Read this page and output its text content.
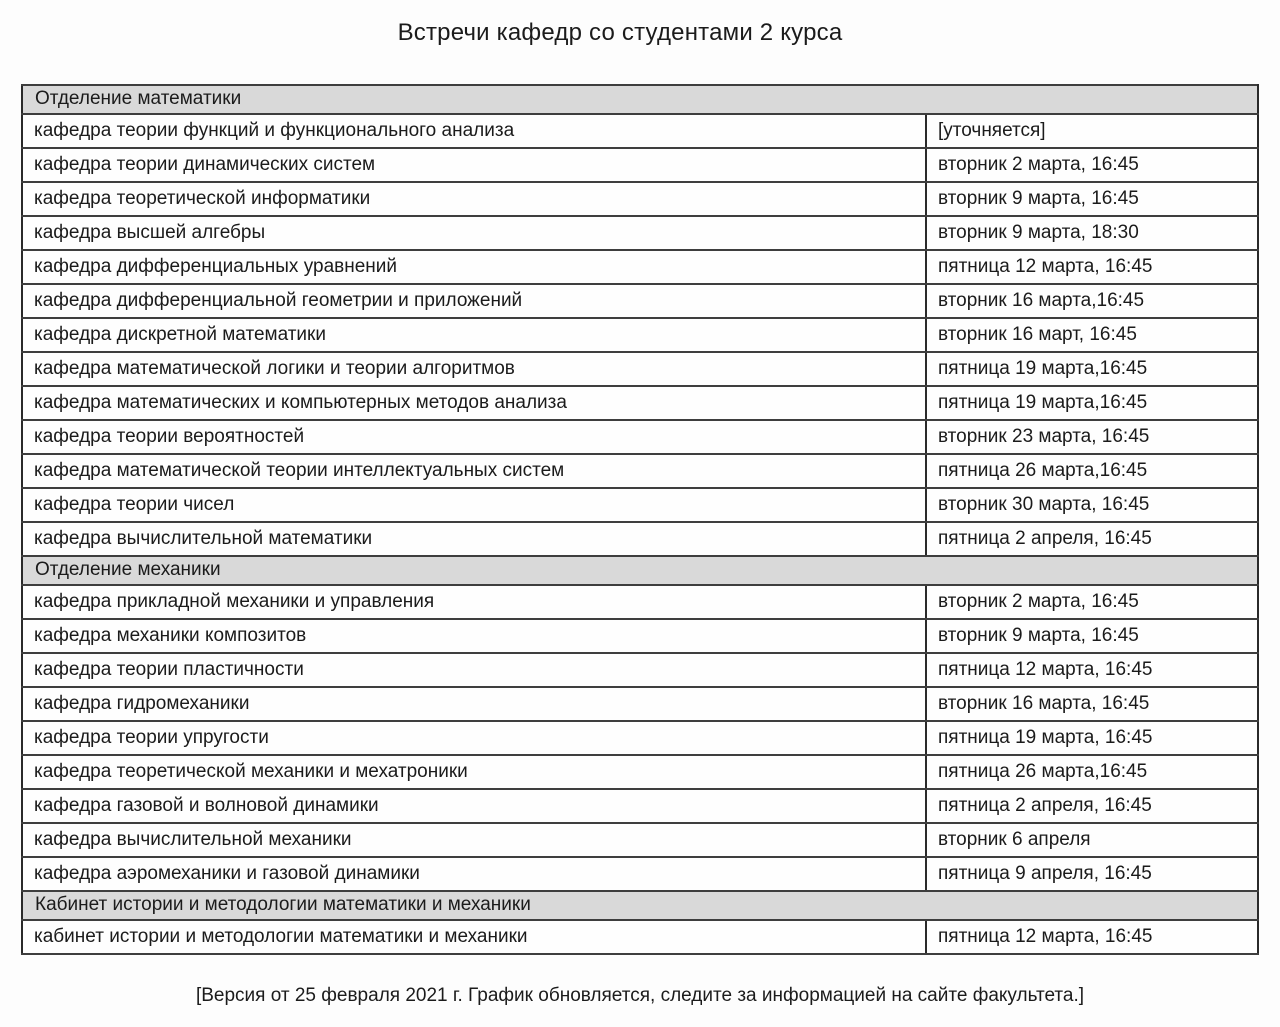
Встречи кафедр со студентами 2 курса
Отделение математики	
кафедра теории функций и функционального анализа	[уточняется]
кафедра теории динамических систем	вторник 2 марта, 16:45
кафедра теоретической информатики	вторник 9 марта, 16:45
кафедра высшей алгебры	вторник 9 марта, 18:30
кафедра дифференциальных уравнений	пятница 12 марта, 16:45
кафедра дифференциальной геометрии и приложений	вторник 16 марта,16:45
кафедра дискретной математики	вторник 16 март, 16:45
кафедра математической логики и теории алгоритмов	пятница 19 марта,16:45
кафедра математических и компьютерных методов анализа	пятница 19 марта,16:45
кафедра теории вероятностей	вторник 23 марта, 16:45
кафедра математической теории интеллектуальных систем	пятница 26 марта,16:45
кафедра теории чисел	вторник 30 марта, 16:45
кафедра вычислительной математики	пятница 2 апреля, 16:45
Отделение механики	
кафедра прикладной механики и управления	вторник 2 марта, 16:45
кафедра механики композитов	вторник 9 марта, 16:45
кафедра теории пластичности	пятница 12 марта, 16:45
кафедра гидромеханики	вторник 16 марта, 16:45
кафедра теории упругости	пятница 19 марта, 16:45
кафедра теоретической механики и мехатроники	пятница 26 марта,16:45
кафедра газовой и волновой динамики	пятница 2 апреля, 16:45
кафедра вычислительной механики	вторник 6 апреля
кафедра аэромеханики и газовой динамики	пятница 9 апреля, 16:45
Кабинет истории и методологии математики и механики	
кабинет истории и методологии математики и механики	пятница 12 марта, 16:45

[Версия от 25 февраля 2021 г. График обновляется, следите за информацией на сайте факультета.]
